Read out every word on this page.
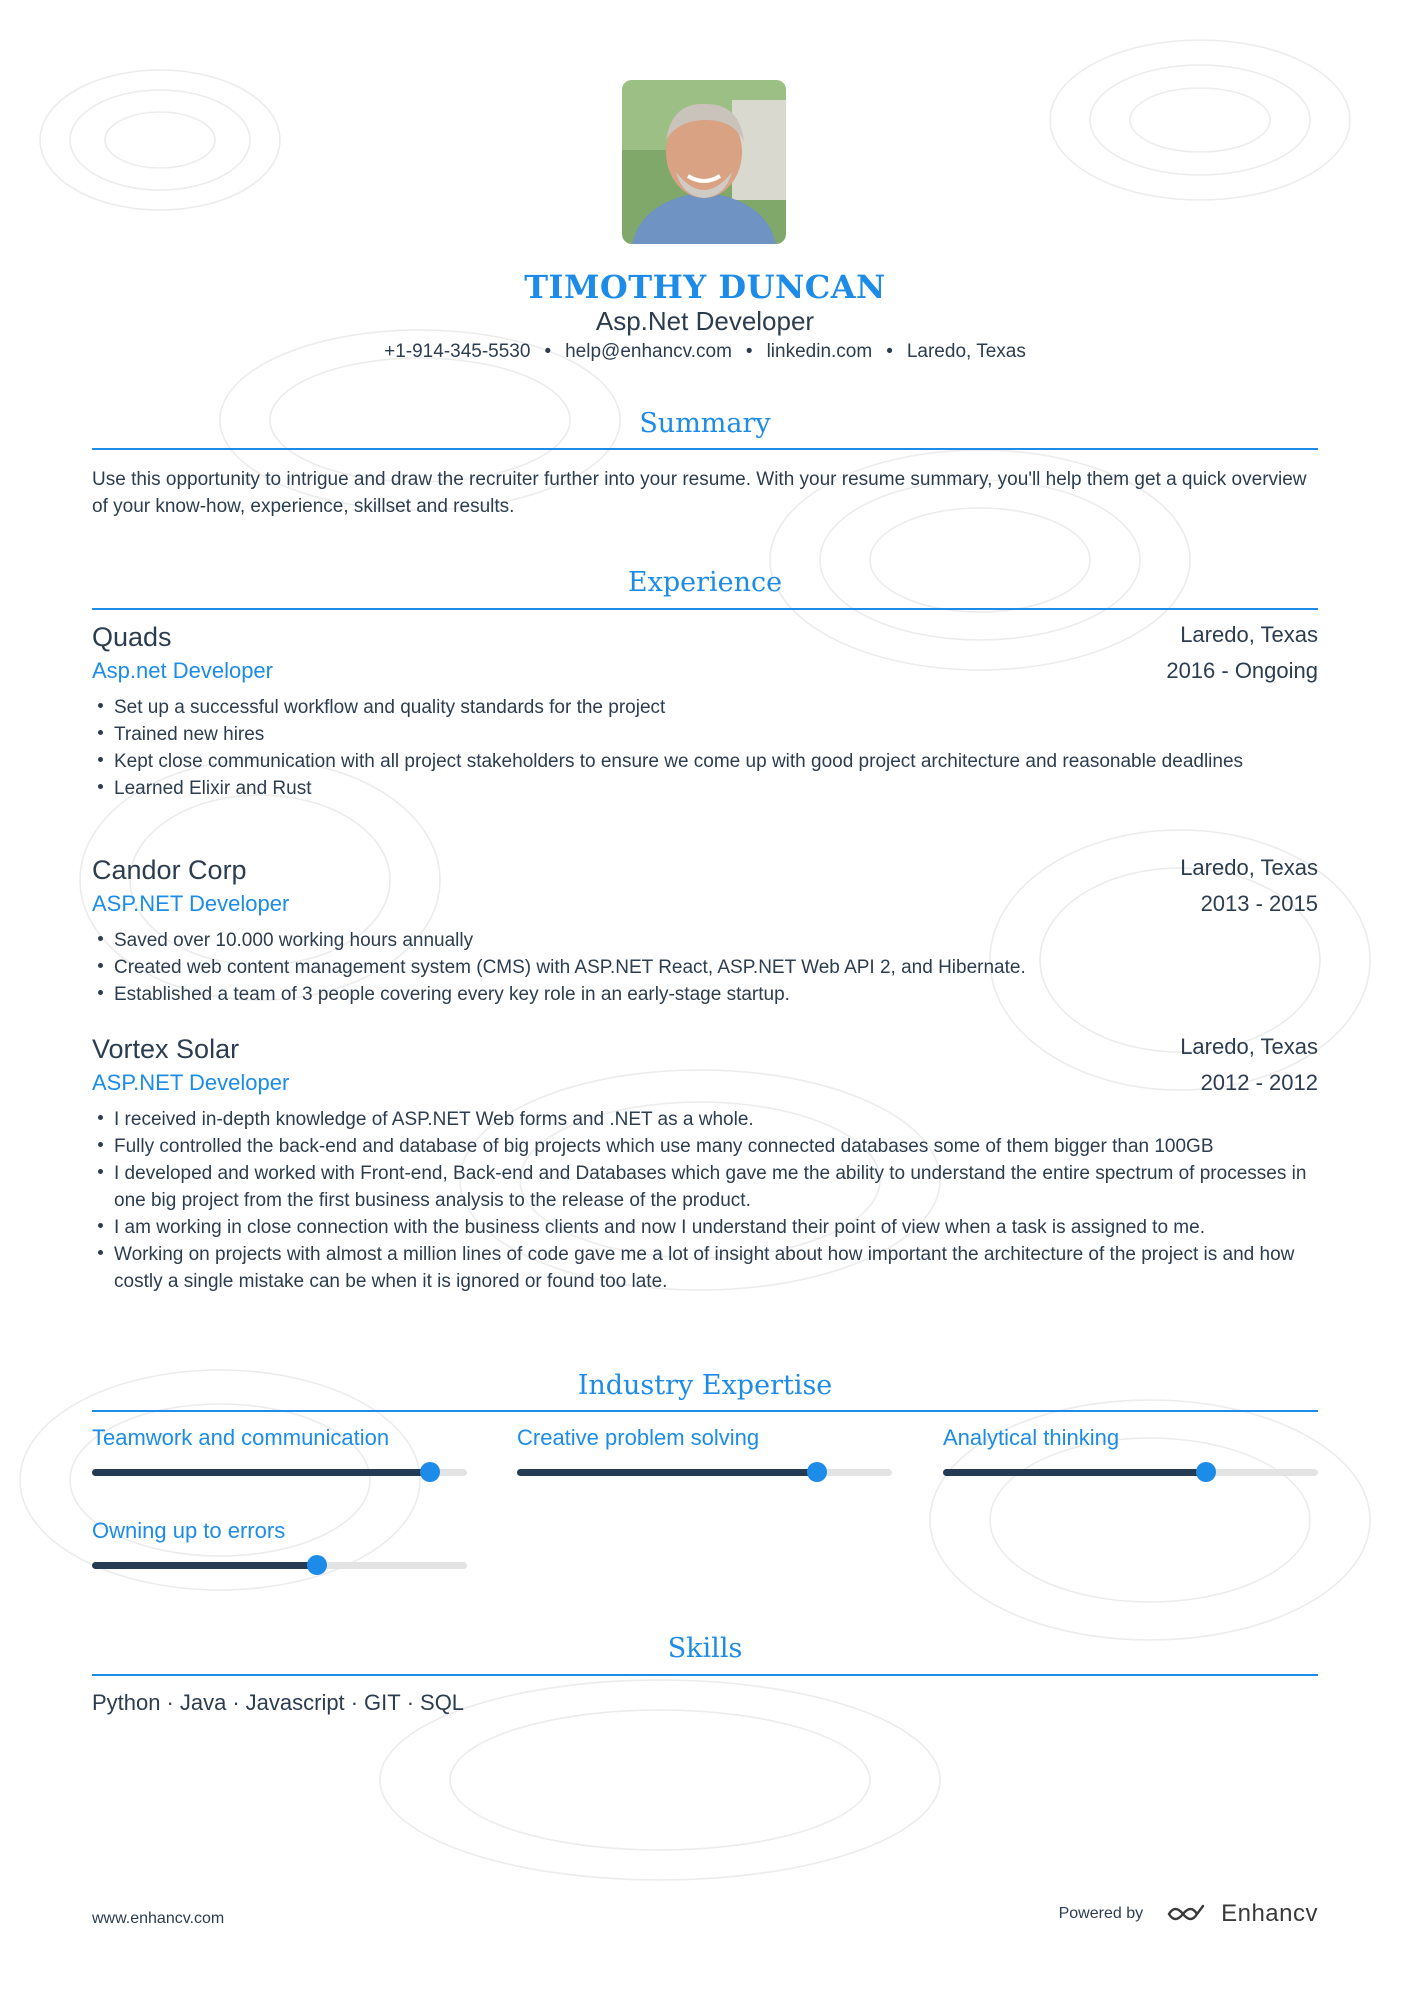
TIMOTHY DUNCAN
Asp.Net Developer
+1-914-345-5530 • help@enhancv.com • linkedin.com • Laredo, Texas
Summary
Use this opportunity to intrigue and draw the recruiter further into your resume. With your resume summary, you'll help them get a quick overview of your know-how, experience, skillset and results.
Experience
Quads
Asp.net Developer
Laredo, Texas
2016 - Ongoing
Set up a successful workflow and quality standards for the project
Trained new hires
Kept close communication with all project stakeholders to ensure we come up with good project architecture and reasonable deadlines
Learned Elixir and Rust
Candor Corp
ASP.NET Developer
Laredo, Texas
2013 - 2015
Saved over 10.000 working hours annually
Created web content management system (CMS) with ASP.NET React, ASP.NET Web API 2, and Hibernate.
Established a team of 3 people covering every key role in an early-stage startup.
Vortex Solar
ASP.NET Developer
Laredo, Texas
2012 - 2012
I received in-depth knowledge of ASP.NET Web forms and .NET as a whole.
Fully controlled the back-end and database of big projects which use many connected databases some of them bigger than 100GB
I developed and worked with Front-end, Back-end and Databases which gave me the ability to understand the entire spectrum of processes in one big project from the first business analysis to the release of the product.
I am working in close connection with the business clients and now I understand their point of view when a task is assigned to me.
Working on projects with almost a million lines of code gave me a lot of insight about how important the architecture of the project is and how costly a single mistake can be when it is ignored or found too late.
Industry Expertise
Teamwork and communication	Creative problem solving	Analytical thinking
Owning up to errors
Skills
Python · Java · Javascript · GIT · SQL
www.enhancv.com	Powered by	Enhancv
